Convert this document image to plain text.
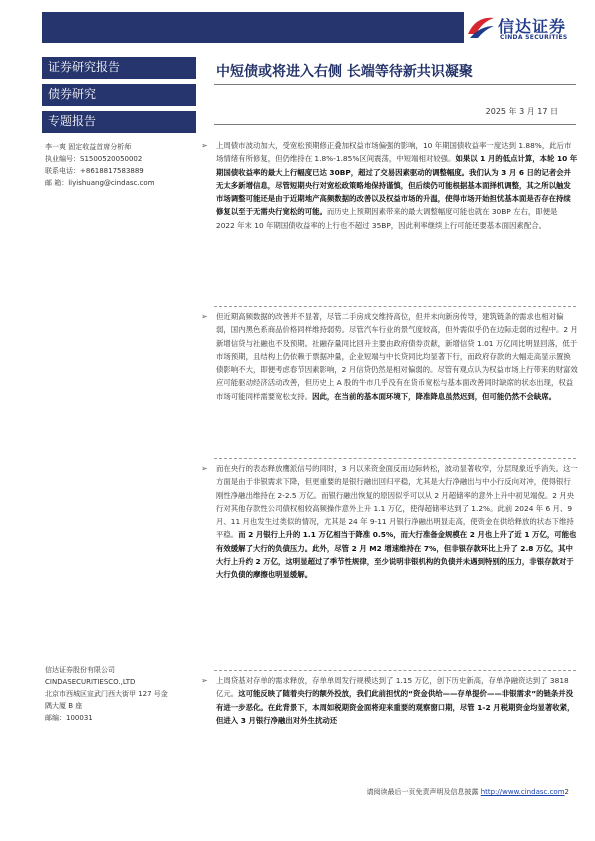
信达证券
CINDA SECURITIES
证券研究报告
债券研究
专题报告
中短债或将进入右侧 长端等待新共识凝聚
2025 年 3 月 17 日
李一爽 固定收益首席分析师
执业编号：S1500520050002
联系电话：+8618817583889
邮 箱：liyishuang@cindasc.com
➢ 上周债市波动加大，受宽松预期修正叠加权益市场偏强的影响，10 年期国债收益率一度达到 1.88%，此后市场情绪有所修复，但仍维持在 1.8%-1.85%区间震荡，中短端相对较强。如果以 1 月的低点计算，本轮 10 年期国债收益率的最大上行幅度已达 30BP，超过了交易因素驱动的调整幅度。我们认为 3 月 6 日的记者会并无太多新增信息，尽管短期央行对宽松政策略地保持谨慎，但后续仍可能根据基本面择机调整，其之所以触发市场调整可能还是由于近期地产高频数据的改善以及权益市场的升温，使得市场开始担忧基本面是否存在持续修复以至于无需央行宽松的可能。而历史上预期因素带来的最大调整幅度可能也就在 30BP 左右，即便是 2022 年末 10 年期国债收益率的上行也不超过 35BP，因此利率继续上行可能还要基本面因素配合。
➢ 但近期高频数据的改善并不显著，尽管二手房成交维持高位，但并未向新房传导，建筑链条的需求也相对偏弱，国内黑色系商品价格同样维持弱势。尽管汽车行业的景气度较高，但外需似乎仍在边际走弱的过程中。2 月新增信贷与社融也不及预期。社融存量同比回升主要由政府债券贡献，新增信贷 1.01 万亿同比明显回落，低于市场预期，且结构上仍依赖于票据冲量，企业短端与中长贷同比均显著下行，而政府存款的大幅走高显示置换债影响不大，即便考虑春节因素影响，2 月信贷仍然是相对偏弱的。尽管有观点认为权益市场上行带来的财富效应可能驱动经济活动改善，但历史上 A 股的牛市几乎没有在货币宽松与基本面改善同时缺席的状态出现，权益市场可能同样需要宽松支持。因此，在当前的基本面环境下，降准降息虽然迟到，但可能仍然不会缺席。
➢ 而在央行的表态释放鹰派信号的同时，3 月以来资金面反而边际转松，波动显著收窄，分层现象近乎消失。这一方面是由于非银需求下降，但更重要的是银行融出回归平稳，尤其是大行净融出与中小行反向对冲，使得银行刚性净融出维持在 2-2.5 万亿。而银行融出恢复的原因似乎可以从 2 月超储率的意外上升中初见端倪。2 月央行对其他存款性公司债权相较高频操作意外上升 1.1 万亿，使得超储率达到了 1.2%。此前 2024 年 6 月、9 月、11 月也发生过类似的情况，尤其是 24 年 9-11 月银行净融出明显走高，使资金在供给释放的状态下维持平稳。而 2 月银行上升的 1.1 万亿相当于降准 0.5%，而大行准备金规模在 2 月也上升了近 1 万亿，可能也有效缓解了大行的负债压力。此外，尽管 2 月 M2 增速维持在 7%，但非银存款环比上升了 2.8 万亿，其中大行上升约 2 万亿，这明显超过了季节性规律，至少说明非银机构的负债并未遇到特别的压力，非银存款对于大行负债的摩擦也明显缓解。
➢ 上周贷基对存单的需求释放，存单单周发行规模达到了 1.15 万亿，创下历史新高，存单净融资达到了 3818 亿元。这可能反映了随着央行的额外投放，我们此前担忧的“资金供给——存单提价——非银需求”的链条并没有进一步恶化。在此背景下，本周如税期资金面将迎来重要的观察窗口期，尽管 1-2 月税期资金均显著收紧，但进入 3 月银行净融出对外生扰动还
信达证券股份有限公司
CINDASECURITIESCO.,LTD
北京市西城区宣武门西大街甲 127 号金
隅大厦 B 座
邮编：100031
请阅读最后一页免责声明及信息披露 http://www.cindasc.com2
